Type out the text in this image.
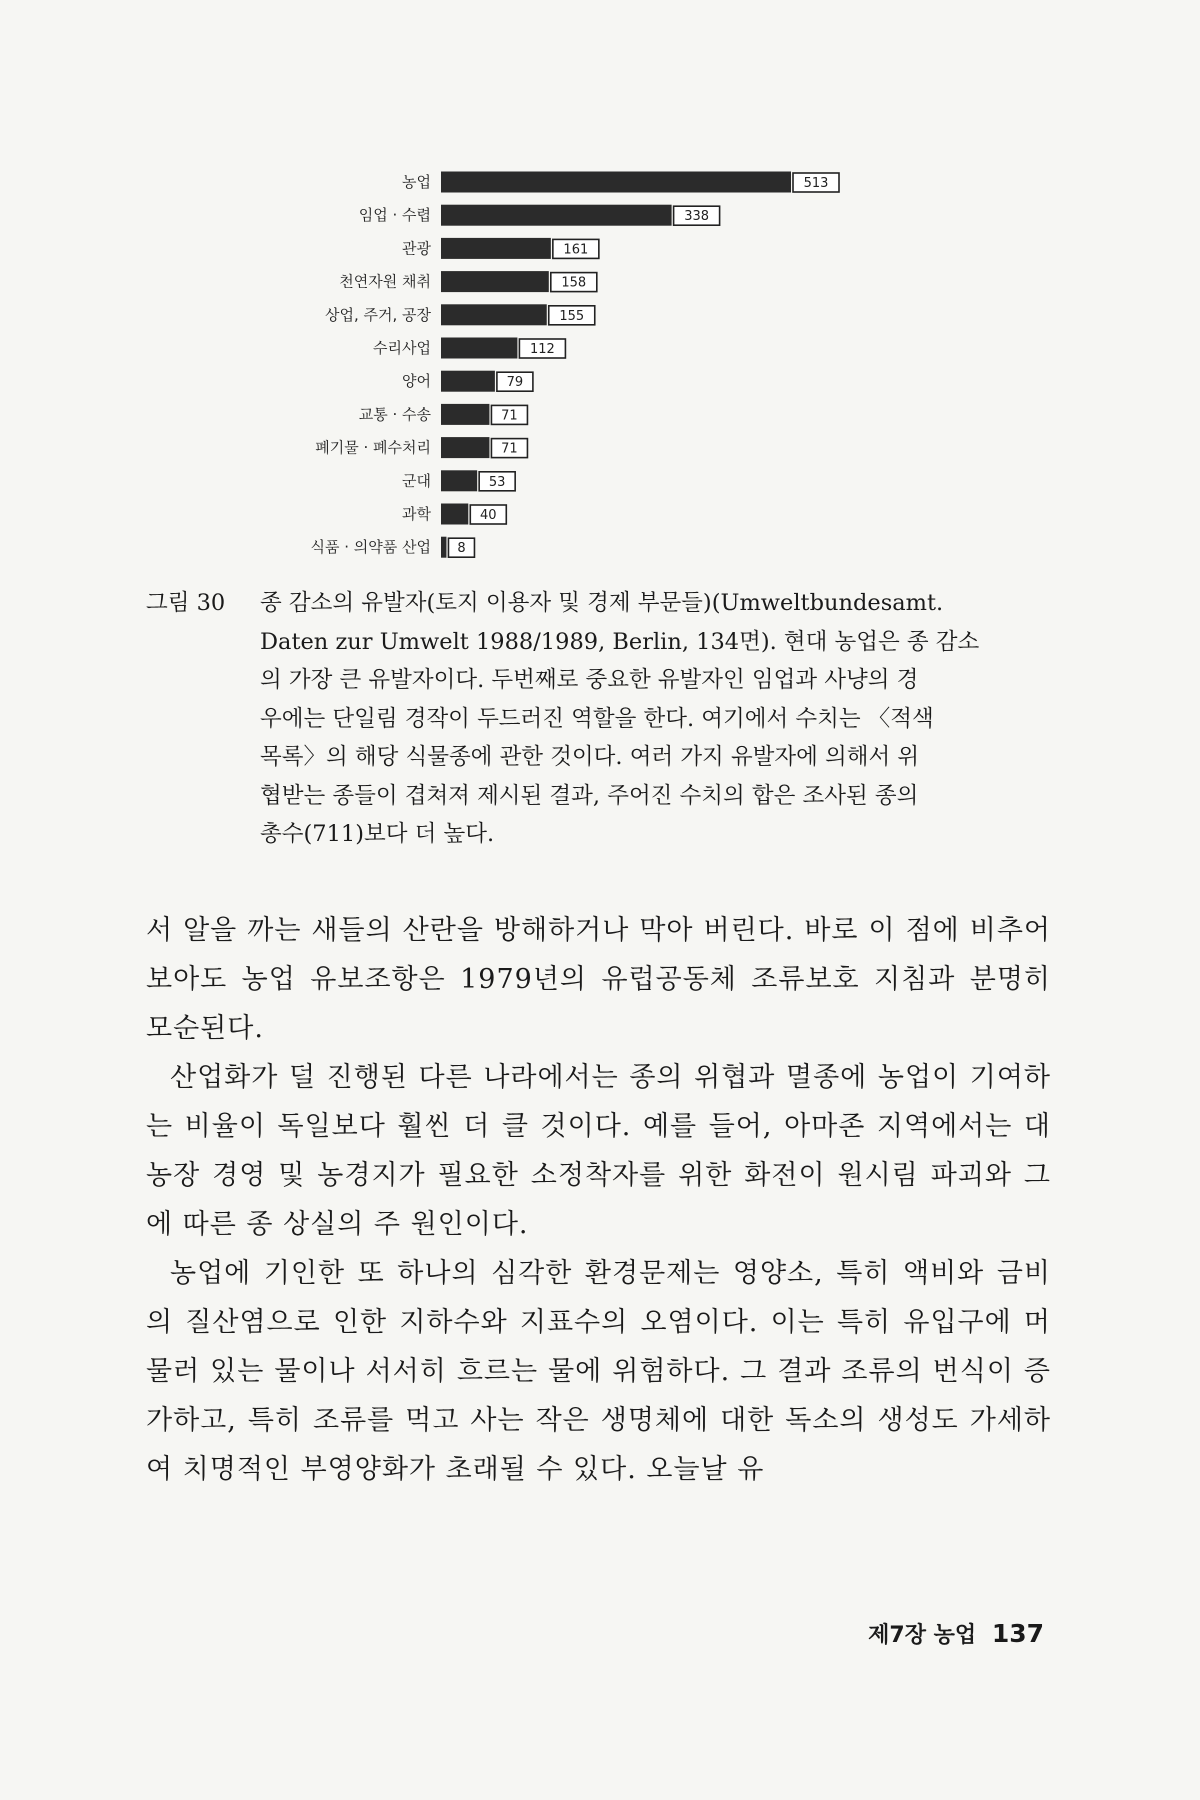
농업	513
임업 · 수렵	338
관광	161
천연자원 채취	158
상업, 주거, 공장	155
수리사업	112
양어	79
교통 · 수송	71
폐기물 · 폐수처리	71
군대	53
과학	40
식품 · 의약품 산업 8
그림 30	종 감소의 유발자(토지 이용자 및 경제 부문들)(Umweltbundesamt.
Daten zur Umwelt 1988/1989, Berlin, 134면). 현대 농업은 종 감소
의 가장 큰 유발자이다. 두번째로 중요한 유발자인 임업과 사냥의 경
우에는 단일림 경작이 두드러진 역할을 한다. 여기에서 수치는 〈적색
목록〉의 해당 식물종에 관한 것이다. 여러 가지 유발자에 의해서 위
협받는 종들이 겹쳐져 제시된 결과, 주어진 수치의 합은 조사된 종의
총수(711)보다 더 높다.

서 알을 까는 새들의 산란을 방해하거나 막아 버린다. 바로 이 점에 비추어 보아도 농업 유보조항은 1979년의 유럽공동체 조류보호 지침과 분명히 모순된다.

산업화가 덜 진행된 다른 나라에서는 종의 위협과 멸종에 농업이 기여하는 비율이 독일보다 훨씬 더 클 것이다. 예를 들어, 아마존 지역에서는 대농장 경영 및 농경지가 필요한 소정착자를 위한 화전이 원시림 파괴와 그에 따른 종 상실의 주 원인이다.

농업에 기인한 또 하나의 심각한 환경문제는 영양소, 특히 액비와 금비의 질산염으로 인한 지하수와 지표수의 오염이다. 이는 특히 유입구에 머물러 있는 물이나 서서히 흐르는 물에 위험하다. 그 결과 조류의 번식이 증가하고, 특히 조류를 먹고 사는 작은 생명체에 대한 독소의 생성도 가세하여 치명적인 부영양화가 초래될 수 있다. 오늘날 유

제7장 농업 137
